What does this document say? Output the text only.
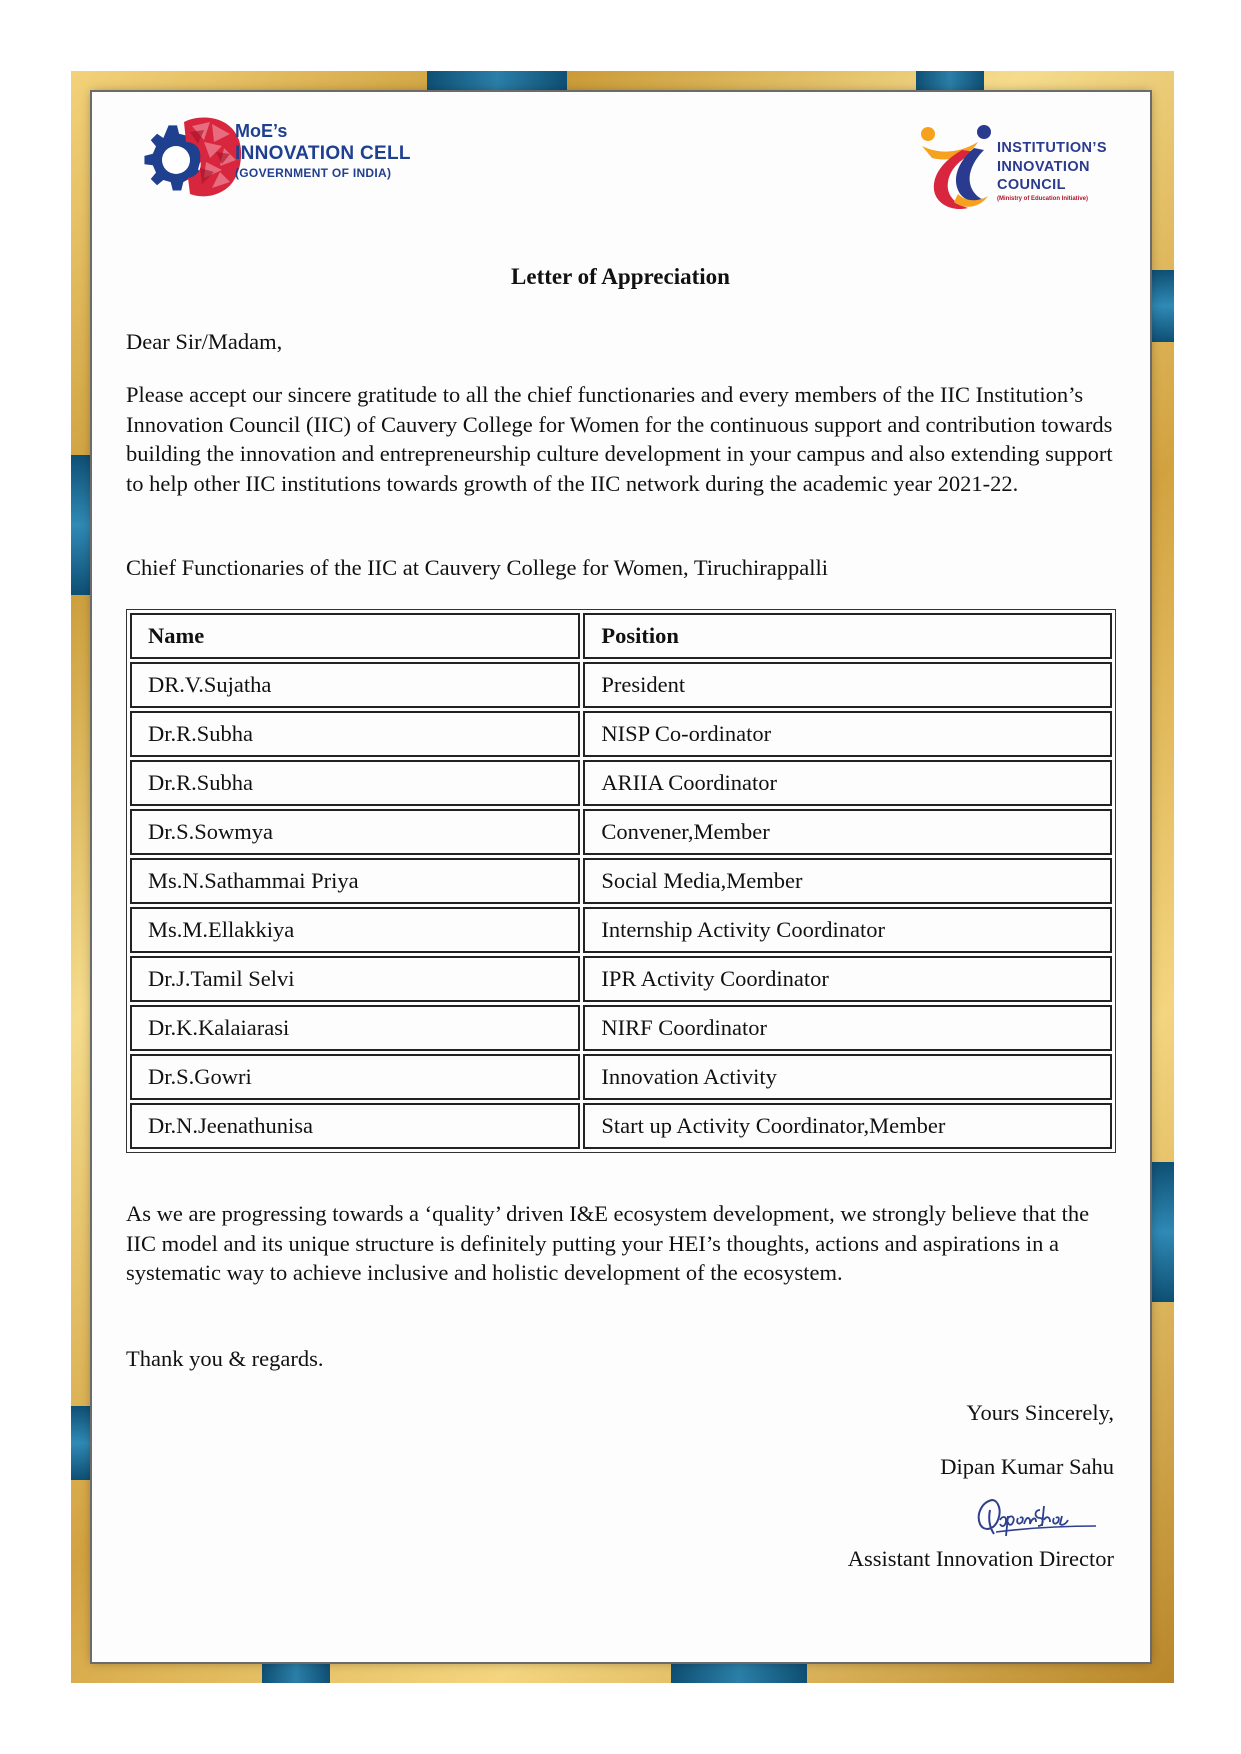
MoE’s
INNOVATION CELL
(GOVERNMENT OF INDIA)
INSTITUTION’S
INNOVATION
COUNCIL
(Ministry of Education Initiative)
Letter of Appreciation
Dear Sir/Madam,
Please accept our sincere gratitude to all the chief functionaries and every members of the IIC Institution’s Innovation Council (IIC) of Cauvery College for Women for the continuous support and contribution towards building the innovation and entrepreneurship culture development in your campus and also extending support to help other IIC institutions towards growth of the IIC network during the academic year 2021-22.
Chief Functionaries of the IIC at Cauvery College for Women, Tiruchirappalli
Name	Position
DR.V.Sujatha	President
Dr.R.Subha	NISP Co-ordinator
Dr.R.Subha	ARIIA Coordinator
Dr.S.Sowmya	Convener,Member
Ms.N.Sathammai Priya	Social Media,Member
Ms.M.Ellakkiya	Internship Activity Coordinator
Dr.J.Tamil Selvi	IPR Activity Coordinator
Dr.K.Kalaiarasi	NIRF Coordinator
Dr.S.Gowri	Innovation Activity
Dr.N.Jeenathunisa	Start up Activity Coordinator,Member
As we are progressing towards a ‘quality’ driven I&E ecosystem development, we strongly believe that the IIC model and its unique structure is definitely putting your HEI’s thoughts, actions and aspirations in a systematic way to achieve inclusive and holistic development of the ecosystem.
Thank you & regards.
Yours Sincerely,
Dipan Kumar Sahu
Assistant Innovation Director
